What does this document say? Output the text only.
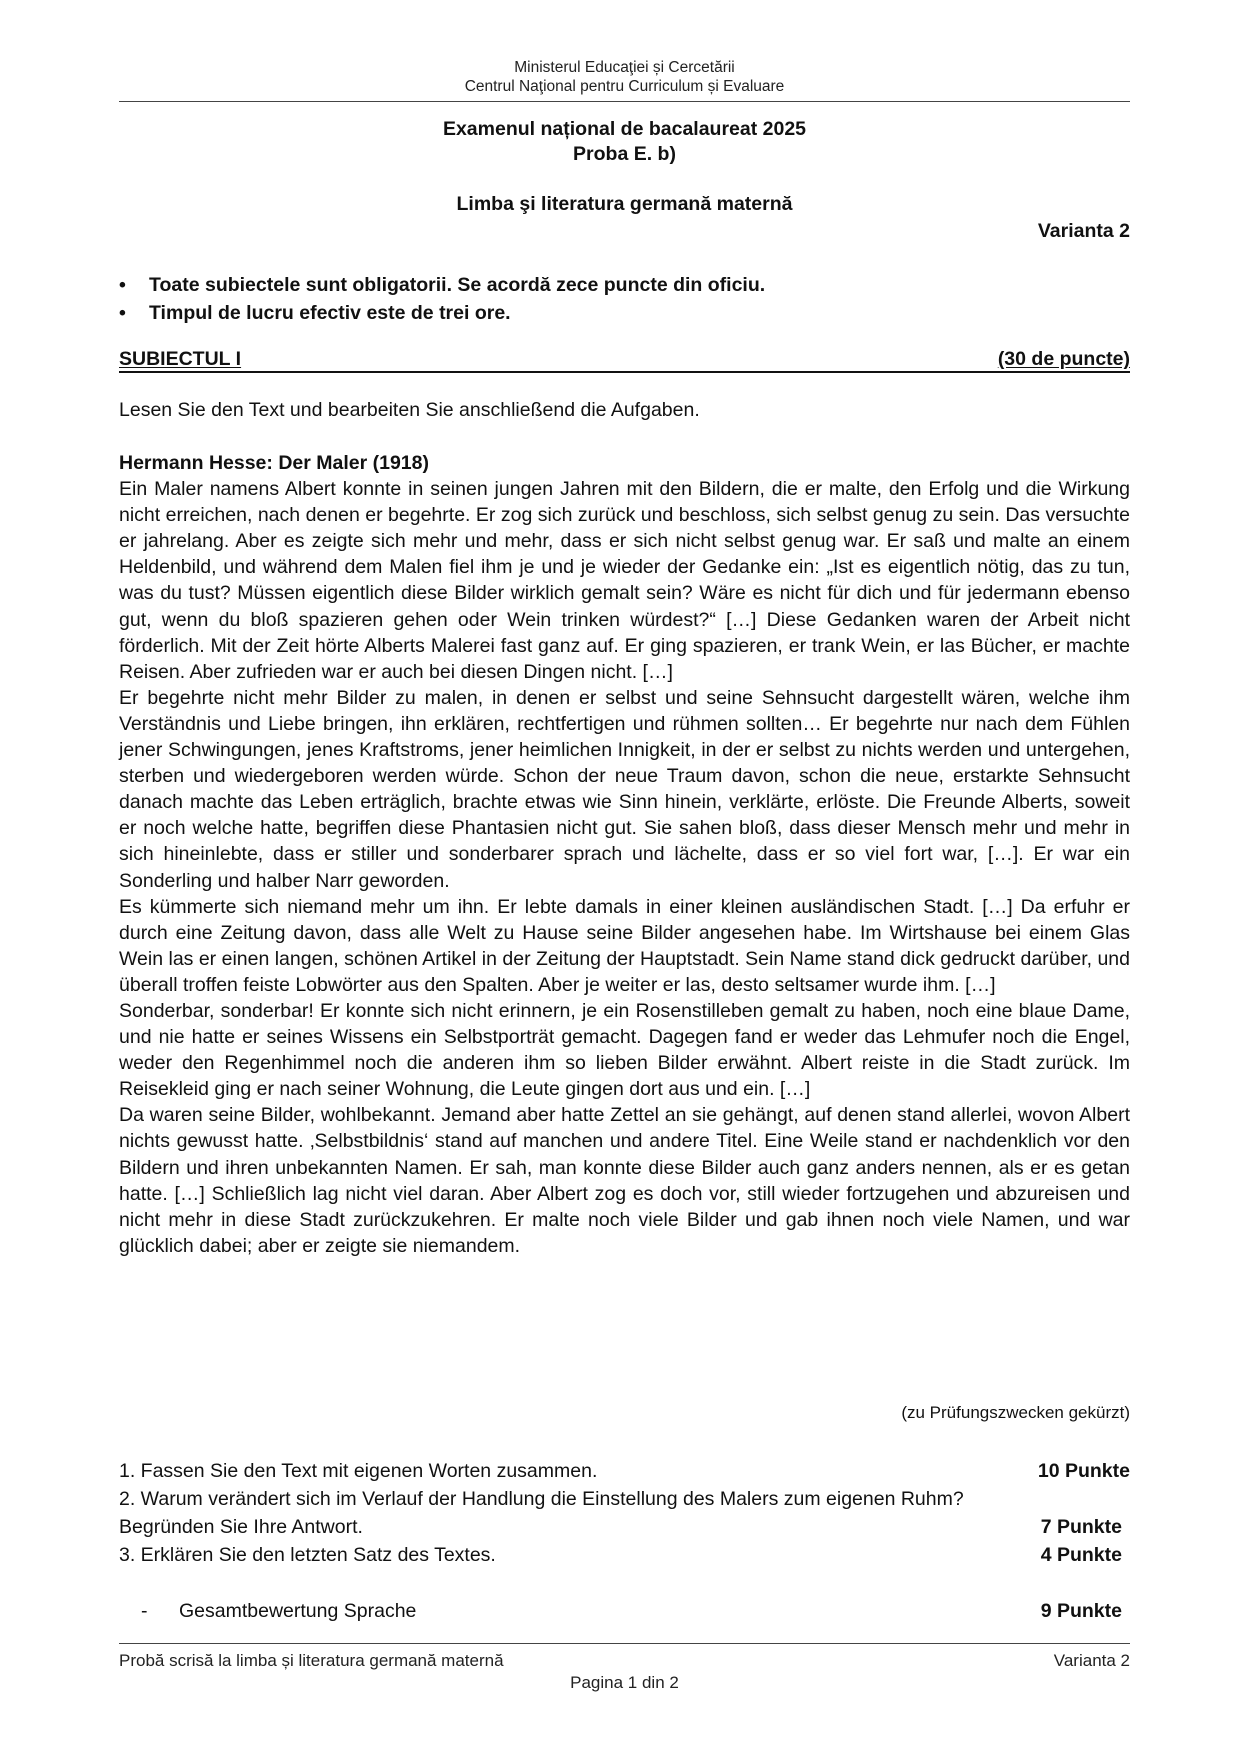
Ministerul Educaţiei și Cercetării
Centrul Naţional pentru Curriculum și Evaluare
Examenul național de bacalaureat 2025
Proba E. b)
Limba şi literatura germană maternă
Varianta 2
• Toate subiectele sunt obligatorii. Se acordă zece puncte din oficiu.
• Timpul de lucru efectiv este de trei ore.
SUBIECTUL I	(30 de puncte)
Lesen Sie den Text und bearbeiten Sie anschließend die Aufgaben.
Hermann Hesse: Der Maler (1918)

Ein Maler namens Albert konnte in seinen jungen Jahren mit den Bildern, die er malte, den Erfolg und die Wirkung nicht erreichen, nach denen er begehrte. Er zog sich zurück und beschloss, sich selbst genug zu sein. Das versuchte er jahrelang. Aber es zeigte sich mehr und mehr, dass er sich nicht selbst genug war. Er saß und malte an einem Heldenbild, und während dem Malen fiel ihm je und je wieder der Gedanke ein: „Ist es eigentlich nötig, das zu tun, was du tust? Müssen eigentlich diese Bilder wirklich gemalt sein? Wäre es nicht für dich und für jedermann ebenso gut, wenn du bloß spazieren gehen oder Wein trinken würdest?“ […] Diese Gedanken waren der Arbeit nicht förderlich. Mit der Zeit hörte Alberts Malerei fast ganz auf. Er ging spazieren, er trank Wein, er las Bücher, er machte Reisen. Aber zufrieden war er auch bei diesen Dingen nicht. […]

Er begehrte nicht mehr Bilder zu malen, in denen er selbst und seine Sehnsucht dargestellt wären, welche ihm Verständnis und Liebe bringen, ihn erklären, rechtfertigen und rühmen sollten… Er begehrte nur nach dem Fühlen jener Schwingungen, jenes Kraftstroms, jener heimlichen Innigkeit, in der er selbst zu nichts werden und untergehen, sterben und wiedergeboren werden würde. Schon der neue Traum davon, schon die neue, erstarkte Sehnsucht danach machte das Leben erträglich, brachte etwas wie Sinn hinein, verklärte, erlöste. Die Freunde Alberts, soweit er noch welche hatte, begriffen diese Phantasien nicht gut. Sie sahen bloß, dass dieser Mensch mehr und mehr in sich hineinlebte, dass er stiller und sonderbarer sprach und lächelte, dass er so viel fort war, […]. Er war ein Sonderling und halber Narr geworden.

Es kümmerte sich niemand mehr um ihn. Er lebte damals in einer kleinen ausländischen Stadt. […] Da erfuhr er durch eine Zeitung davon, dass alle Welt zu Hause seine Bilder angesehen habe. Im Wirtshause bei einem Glas Wein las er einen langen, schönen Artikel in der Zeitung der Hauptstadt. Sein Name stand dick gedruckt darüber, und überall troffen feiste Lobwörter aus den Spalten. Aber je weiter er las, desto seltsamer wurde ihm. […]

Sonderbar, sonderbar! Er konnte sich nicht erinnern, je ein Rosenstilleben gemalt zu haben, noch eine blaue Dame, und nie hatte er seines Wissens ein Selbstporträt gemacht. Dagegen fand er weder das Lehmufer noch die Engel, weder den Regenhimmel noch die anderen ihm so lieben Bilder erwähnt. Albert reiste in die Stadt zurück. Im Reisekleid ging er nach seiner Wohnung, die Leute gingen dort aus und ein. […]

Da waren seine Bilder, wohlbekannt. Jemand aber hatte Zettel an sie gehängt, auf denen stand allerlei, wovon Albert nichts gewusst hatte. ‚Selbstbildnis‘ stand auf manchen und andere Titel. Eine Weile stand er nachdenklich vor den Bildern und ihren unbekannten Namen. Er sah, man konnte diese Bilder auch ganz anders nennen, als er es getan hatte. […] Schließlich lag nicht viel daran. Aber Albert zog es doch vor, still wieder fortzugehen und abzureisen und nicht mehr in diese Stadt zurückzukehren. Er malte noch viele Bilder und gab ihnen noch viele Namen, und war glücklich dabei; aber er zeigte sie niemandem.

(zu Prüfungszwecken gekürzt)
1. Fassen Sie den Text mit eigenen Worten zusammen.	10 Punkte
2. Warum verändert sich im Verlauf der Handlung die Einstellung des Malers zum eigenen Ruhm?
Begründen Sie Ihre Antwort.	7 Punkte
3. Erklären Sie den letzten Satz des Textes.	4 Punkte
-	Gesamtbewertung Sprache	9 Punkte
Probă scrisă la limba și literatura germană maternă	Varianta 2
Pagina 1 din 2
